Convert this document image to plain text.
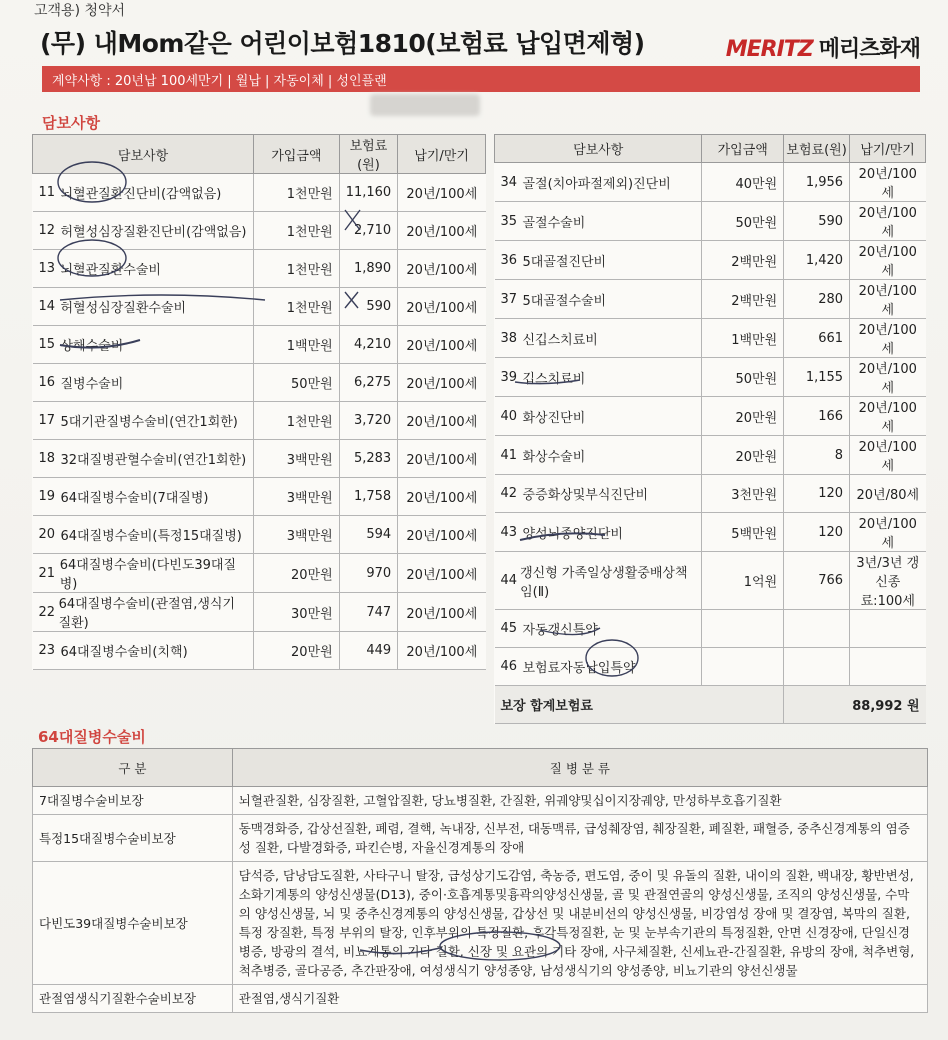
고객용) 청약서
(무) 내Mom같은 어린이보험1810(보험료 납입면제형)	MERITZ 메리츠화재
계약사항 : 20년납 100세만기 | 월납 | 자동이체 | 성인플랜
담보사항
담보사항	가입금액	보험료(원)	납기/만기

11 뇌혈관질환진단비(감액없음)	1천만원	11,160	20년/100세

12 허혈성심장질환진단비(감액없음)	1천만원	2,710	20년/100세

13 뇌혈관질환수술비	1천만원	1,890	20년/100세

14 허혈성심장질환수술비	1천만원	590	20년/100세

15 상해수술비	1백만원	4,210	20년/100세

16 질병수술비	50만원	6,275	20년/100세

17 5대기관질병수술비(연간1회한)	1천만원	3,720	20년/100세

18 32대질병관혈수술비(연간1회한)	3백만원	5,283	20년/100세

19 64대질병수술비(7대질병)	3백만원	1,758	20년/100세

20 64대질병수술비(특정15대질병)	3백만원	594	20년/100세

21 64대질병수술비(다빈도39대질병)	20만원	970	20년/100세

22 64대질병수술비(관절염,생식기질환)	30만원	747	20년/100세

23 64대질병수술비(치핵)	20만원	449	20년/100세
담보사항	가입금액	보험료(원)	납기/만기

34 골절(치아파절제외)진단비	40만원	1,956	20년/100세

35 골절수술비	50만원	590	20년/100세

36 5대골절진단비	2백만원	1,420	20년/100세

37 5대골절수술비	2백만원	280	20년/100세

38 신깁스치료비	1백만원	661	20년/100세

39 깁스치료비	50만원	1,155	20년/100세

40 화상진단비	20만원	166	20년/100세

41 화상수술비	20만원	8	20년/100세

42 중증화상및부식진단비	3천만원	120	20년/80세

43 양성뇌종양진단비	5백만원	120	20년/100세

44 갱신형 가족일상생활중배상책임(Ⅱ)	1억원	766	3년/3년 갱신종료:100세

45 자동갱신특약			

46 보험료자동납입특약			

보장 합계보험료		88,992 원	
64대질병수술비
구 분	질 병 분 류
7대질병수술비보장	뇌혈관질환, 심장질환, 고혈압질환, 당뇨병질환, 간질환, 위궤양및십이지장궤양, 만성하부호흡기질환
특정15대질병수술비보장	동맥경화증, 갑상선질환, 폐렴, 결핵, 녹내장, 신부전, 대동맥류, 급성췌장염, 췌장질환, 폐질환, 패혈증, 중추신경계통의 염증성 질환, 다발경화증, 파킨슨병, 자율신경계통의 장애
다빈도39대질병수술비보장	담석증, 담낭담도질환, 사타구니 탈장, 급성상기도감염, 축농증, 편도염, 중이 및 유돌의 질환, 내이의 질환, 백내장, 황반변성, 소화기계통의 양성신생물(D13), 중이·호흡계통및흉곽의양성신생물, 골 및 관절연골의 양성신생물, 조직의 양성신생물, 수막의 양성신생물, 뇌 및 중추신경계통의 양성신생물, 갑상선 및 내분비선의 양성신생물, 비강염성 장애 및 결장염, 복막의 질환, 특정 장질환, 특정 부위의 탈장, 인후부위의 특정질환, 후각특정질환, 눈 및 눈부속기관의 특정질환, 안면 신경장애, 단일신경병증, 방광의 결석, 비뇨계통의 기타 질환, 신장 및 요관의 기타 장애, 사구체질환, 신세뇨관-간질질환, 유방의 장애, 척추변형, 척추병증, 골다공증, 추간판장애, 여성생식기 양성종양, 남성생식기의 양성종양, 비뇨기관의 양선신생물
관절염생식기질환수술비보장	관절염,생식기질환
